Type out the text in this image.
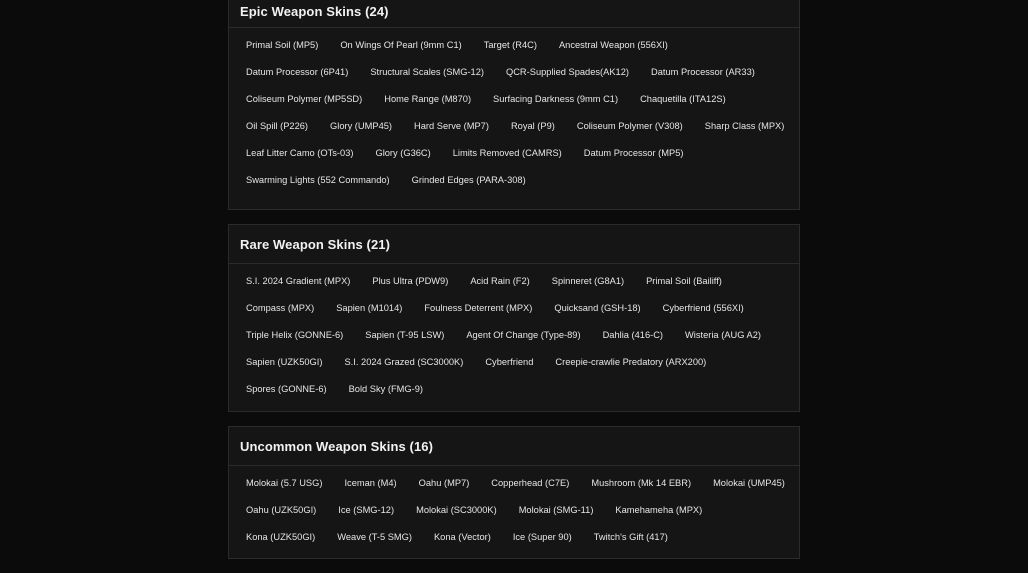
Epic Weapon Skins (24)
Primal Soil (MP5)	On Wings Of Pearl (9mm C1)	Target (R4C)	Ancestral Weapon (556XI)
Datum Processor (6P41)	Structural Scales (SMG-12)	QCR-Supplied Spades(AK12)	Datum Processor (AR33)
Coliseum Polymer (MP5SD)	Home Range (M870)	Surfacing Darkness (9mm C1)	Chaquetilla (ITA12S)
Oil Spill (P226)	Glory (UMP45)	Hard Serve (MP7)	Royal (P9)	Coliseum Polymer (V308)	Sharp Class (MPX)
Leaf Litter Camo (OTs-03)	Glory (G36C)	Limits Removed (CAMRS)	Datum Processor (MP5)
Swarming Lights (552 Commando)	Grinded Edges (PARA-308)
Rare Weapon Skins (21)
S.I. 2024 Gradient (MPX)	Plus Ultra (PDW9)	Acid Rain (F2)	Spinneret (G8A1)	Primal Soil (Bailiff)
Compass (MPX)	Sapien (M1014)	Foulness Deterrent (MPX)	Quicksand (GSH-18)	Cyberfriend (556XI)
Triple Helix (GONNE-6)	Sapien (T-95 LSW)	Agent Of Change (Type-89)	Dahlia (416-C)	Wisteria (AUG A2)
Sapien (UZK50GI)	S.I. 2024 Grazed (SC3000K)	Cyberfriend	Creepie-crawlie Predatory (ARX200)
Spores (GONNE-6)	Bold Sky (FMG-9)
Uncommon Weapon Skins (16)
Molokai (5.7 USG)	Iceman (M4)	Oahu (MP7)	Copperhead (C7E)	Mushroom (Mk 14 EBR)	Molokai (UMP45)
Oahu (UZK50GI)	Ice (SMG-12)	Molokai (SC3000K)	Molokai (SMG-11)	Kamehameha (MPX)
Kona (UZK50GI)	Weave (T-5 SMG)	Kona (Vector)	Ice (Super 90)	Twitch's Gift (417)
